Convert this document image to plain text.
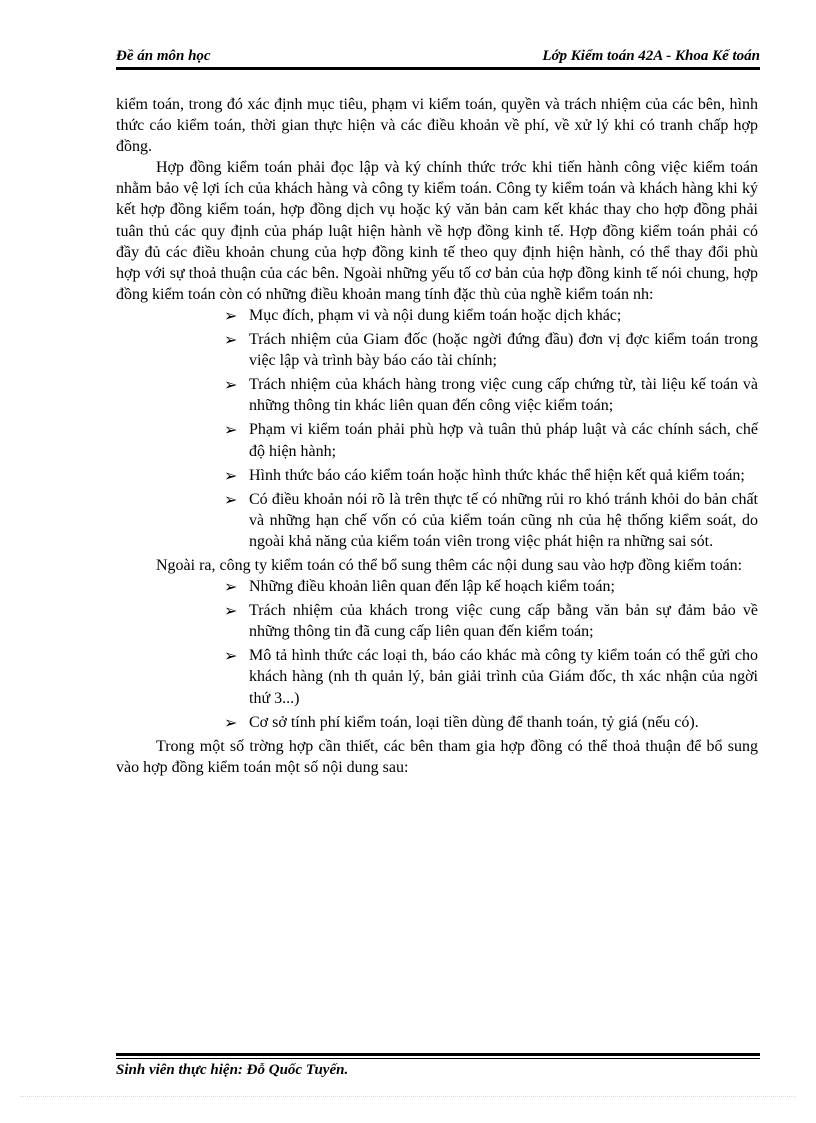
Đề án môn học	Lớp Kiểm toán 42A - Khoa Kế toán

kiểm toán, trong đó xác định mục tiêu, phạm vi kiểm toán, quyền và trách nhiệm của các bên, hình thức cáo kiểm toán, thời gian thực hiện và các điều khoản về phí, về xử lý khi có tranh chấp hợp đồng.

Hợp đồng kiểm toán phải đọc lập và ký chính thức trớc khi tiến hành công việc kiểm toán nhằm bảo vệ lợi ích của khách hàng và công ty kiểm toán. Công ty kiểm toán và khách hàng khi ký kết hợp đồng kiểm toán, hợp đồng dịch vụ hoặc ký văn bản cam kết khác thay cho hợp đồng phải tuân thủ các quy định của pháp luật hiện hành về hợp đồng kinh tế. Hợp đồng kiểm toán phải có đầy đủ các điều khoản chung của hợp đồng kinh tế theo quy định hiện hành, có thể thay đổi phù hợp với sự thoả thuận của các bên. Ngoài những yếu tố cơ bản của hợp đồng kinh tế nói chung, hợp đồng kiểm toán còn có những điều khoản mang tính đặc thù của nghề kiểm toán nh:

➢ Mục đích, phạm vi và nội dung kiểm toán hoặc dịch khác;
➢ Trách nhiệm của Giam đốc (hoặc ngời đứng đầu) đơn vị đợc kiểm toán trong việc lập và trình bày báo cáo tài chính;
➢ Trách nhiệm của khách hàng trong việc cung cấp chứng từ, tài liệu kế toán và những thông tin khác liên quan đến công việc kiểm toán;
➢ Phạm vi kiểm toán phải phù hợp và tuân thủ pháp luật và các chính sách, chế độ hiện hành;
➢ Hình thức báo cáo kiểm toán hoặc hình thức khác thể hiện kết quả kiểm toán;
➢ Có điều khoản nói rõ là trên thực tế có những rủi ro khó tránh khỏi do bản chất và những hạn chế vốn có của kiểm toán cũng nh của hệ thống kiểm soát, do ngoài khả năng của kiểm toán viên trong việc phát hiện ra những sai sót.

Ngoài ra, công ty kiểm toán có thể bổ sung thêm các nội dung sau vào hợp đồng kiểm toán:

➢ Những điều khoản liên quan đến lập kế hoạch kiểm toán;
➢ Trách nhiệm của khách trong việc cung cấp bằng văn bản sự đảm bảo về những thông tin đã cung cấp liên quan đến kiểm toán;
➢ Mô tả hình thức các loại th, báo cáo khác mà công ty kiểm toán có thể gửi cho khách hàng (nh th quản lý, bản giải trình của Giám đốc, th xác nhận của ngời thứ 3...)
➢ Cơ sở tính phí kiểm toán, loại tiền dùng để thanh toán, tỷ giá (nếu có).

Trong một số trờng hợp cần thiết, các bên tham gia hợp đồng có thể thoả thuận để bổ sung vào hợp đồng kiểm toán một số nội dung sau:

Sinh viên thực hiện: Đỗ Quốc Tuyến.
